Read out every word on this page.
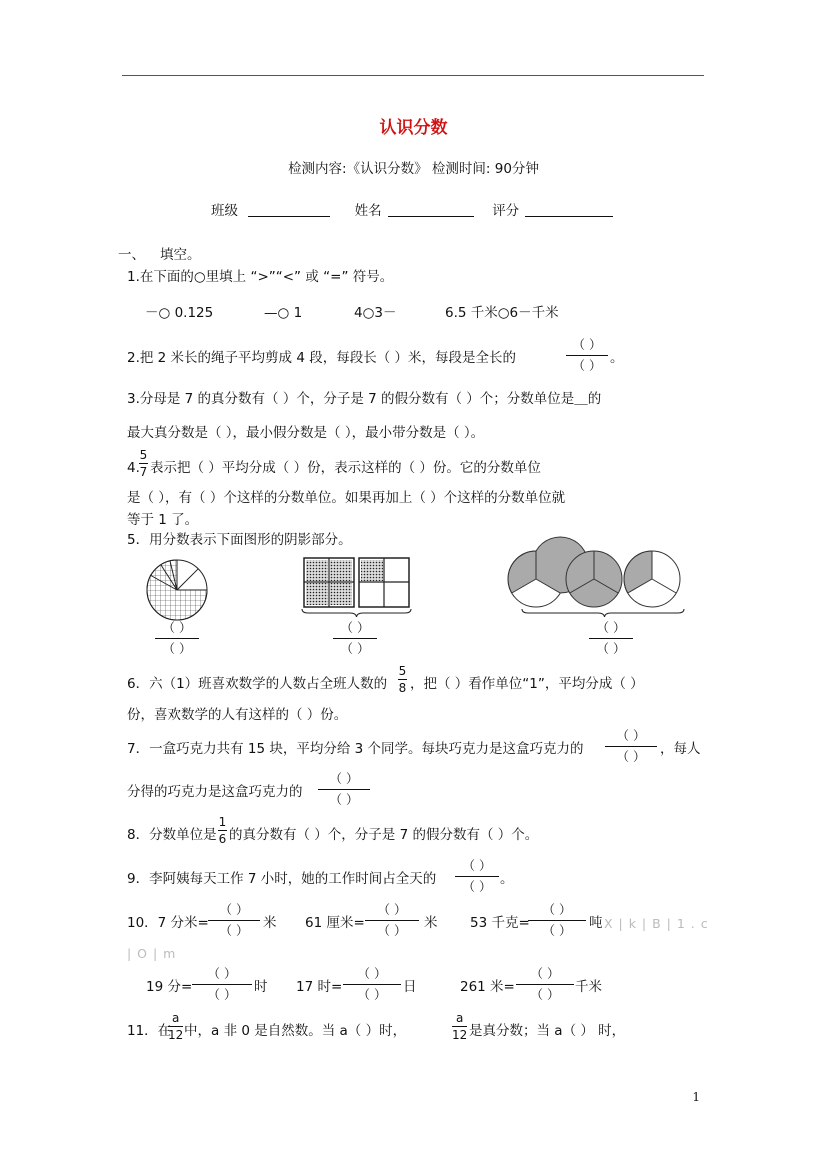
认识分数
检测内容:《认识分数》 检测时间: 90分钟
班级	姓名	评分
一、 填空。
1.在下面的○里填上 “>”“<” 或 “=” 符号。
－○ 0.125	—○ 1	4○3－	6.5 千米○6－千米
2.把 2 米长的绳子平均剪成 4 段，每段长（ ）米，每段是全长的
（ ）
（ ） 。
3.分母是 7 的真分数有（ ）个，分子是 7 的假分数有（ ）个；分数单位是＿的
最大真分数是（ ），最小假分数是（ ），最小带分数是（ ）。
4.
5
7 表示把（ ）平均分成（ ）份，表示这样的（ ）份。它的分数单位
是（ ），有（ ）个这样的分数单位。如果再加上（ ）个这样的分数单位就
等于 1 了。
5．用分数表示下面图形的阴影部分。
（ ）
（ ）
（ ）
（ ）
（ ）
（ ）
6．六（1）班喜欢数学的人数占全班人数的
5
8 ，把（ ）看作单位“1”，平均分成（ ）
份，喜欢数学的人有这样的（ ）份。
7．一盒巧克力共有 15 块，平均分给 3 个同学。每块巧克力是这盒巧克力的
（ ）
（ ） ，每人
分得的巧克力是这盒巧克力的
（ ）
（ ）
8．分数单位是
1
6 的真分数有（ ）个，分子是 7 的假分数有（ ）个。
9．李阿姨每天工作 7 小时，她的工作时间占全天的
（ ）
（ ） 。
10．7 分米=
（ ）
（ ） 米 61 厘米=
（ ）
（ ） 米 53 千克=
（ ）
（ ） 吨 X | k | B | 1 . c
| O | m
19 分=
（ ）
（ ） 时 17 时=
（ ）
（ ） 日	261 米=
（ ）
（ ） 千米
11．在
a
12 中，a 非 0 是自然数。当 a（ ）时，
a
12 是真分数；当 a（ ） 时，
1
